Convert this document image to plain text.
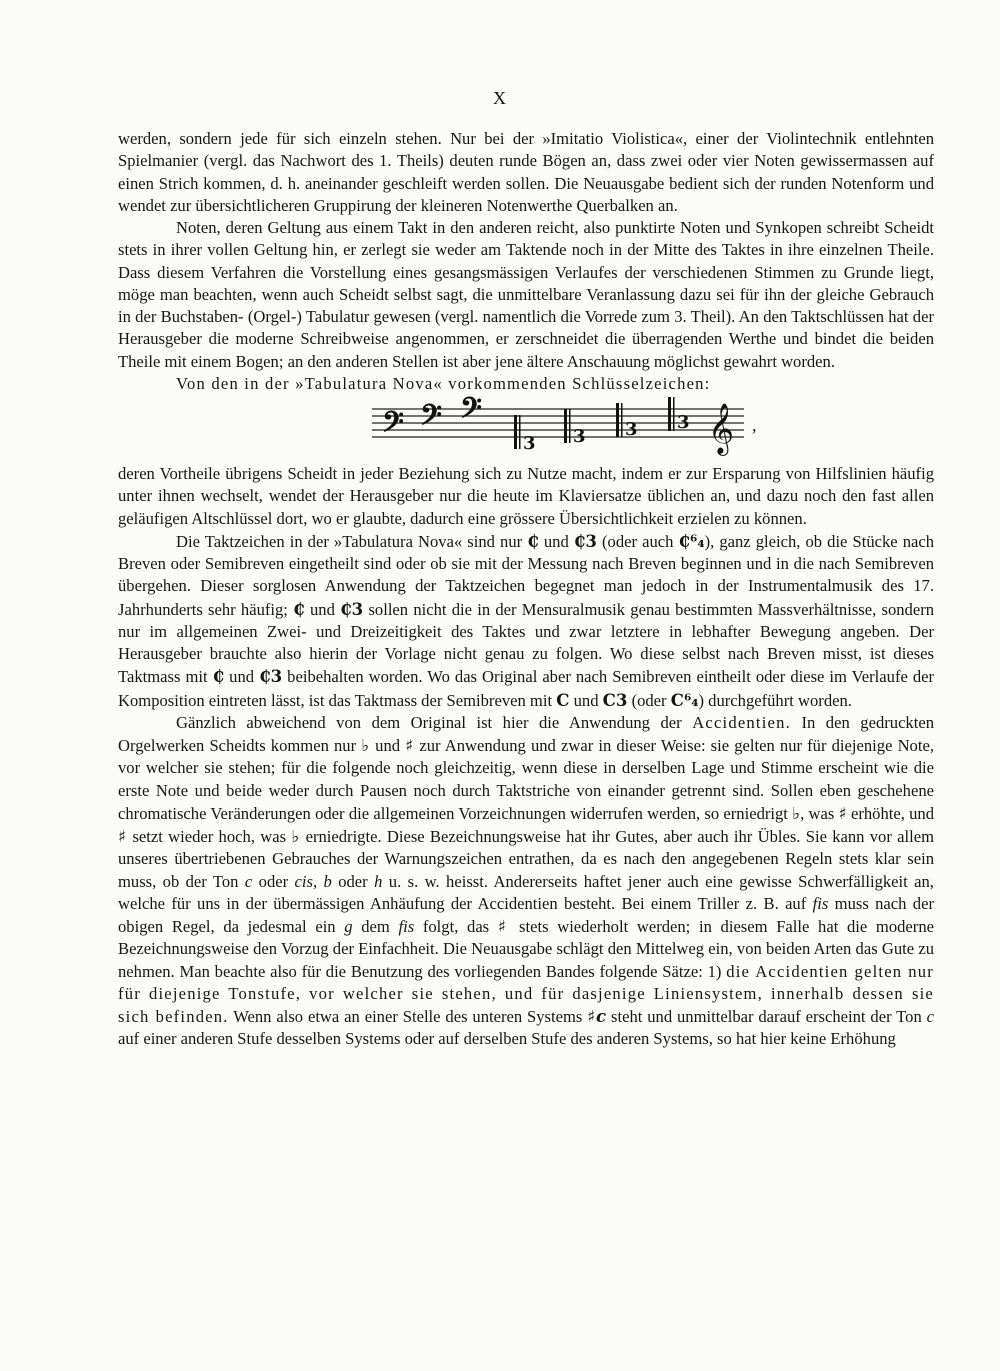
X

werden, sondern jede für sich einzeln stehen. Nur bei der »Imitatio Violistica«, einer der Violintechnik entlehnten Spielmanier (vergl. das Nachwort des 1. Theils) deuten runde Bögen an, dass zwei oder vier Noten gewissermassen auf einen Strich kommen, d. h. aneinander geschleift werden sollen. Die Neuausgabe bedient sich der runden Notenform und wendet zur übersichtlicheren Gruppirung der kleineren Notenwerthe Querbalken an.

Noten, deren Geltung aus einem Takt in den anderen reicht, also punktirte Noten und Synkopen schreibt Scheidt stets in ihrer vollen Geltung hin, er zerlegt sie weder am Taktende noch in der Mitte des Taktes in ihre einzelnen Theile. Dass diesem Verfahren die Vorstellung eines gesangsmässigen Verlaufes der verschiedenen Stimmen zu Grunde liegt, möge man beachten, wenn auch Scheidt selbst sagt, die unmittelbare Veranlassung dazu sei für ihn der gleiche Gebrauch in der Buchstaben- (Orgel-) Tabulatur gewesen (vergl. namentlich die Vorrede zum 3. Theil). An den Taktschlüssen hat der Herausgeber die moderne Schreibweise angenommen, er zerschneidet die überragenden Werthe und bindet die beiden Theile mit einem Bogen; an den anderen Stellen ist aber jene ältere Anschauung möglichst gewahrt worden.

Von den in der »Tabulatura Nova« vorkommenden Schlüsselzeichen:

𝄢 𝄢 𝄢
3 3 3 3 𝄞 ,

deren Vortheile übrigens Scheidt in jeder Beziehung sich zu Nutze macht, indem er zur Ersparung von Hilfslinien häufig unter ihnen wechselt, wendet der Herausgeber nur die heute im Klaviersatze üblichen an, und dazu noch den fast allen geläufigen Altschlüssel dort, wo er glaubte, dadurch eine grössere Übersichtlichkeit erzielen zu können.

Die Taktzeichen in der »Tabulatura Nova« sind nur ₵ und ₵3 (oder auch ₵⁶₄), ganz gleich, ob die Stücke nach Breven oder Semibreven eingetheilt sind oder ob sie mit der Messung nach Breven beginnen und in die nach Semibreven übergehen. Dieser sorglosen Anwendung der Taktzeichen begegnet man jedoch in der Instrumentalmusik des 17. Jahrhunderts sehr häufig; ₵ und ₵3 sollen nicht die in der Mensuralmusik genau bestimmten Massverhältnisse, sondern nur im allgemeinen Zwei- und Dreizeitigkeit des Taktes und zwar letztere in lebhafter Bewegung angeben. Der Herausgeber brauchte also hierin der Vorlage nicht genau zu folgen. Wo diese selbst nach Breven misst, ist dieses Taktmass mit ₵ und ₵3 beibehalten worden. Wo das Original aber nach Semibreven eintheilt oder diese im Verlaufe der Komposition eintreten lässt, ist das Taktmass der Semibreven mit C und C3 (oder C⁶₄) durchgeführt worden.

Gänzlich abweichend von dem Original ist hier die Anwendung der Accidentien. In den gedruckten Orgelwerken Scheidts kommen nur ♭ und ♯ zur Anwendung und zwar in dieser Weise: sie gelten nur für diejenige Note, vor welcher sie stehen; für die folgende noch gleichzeitig, wenn diese in derselben Lage und Stimme erscheint wie die erste Note und beide weder durch Pausen noch durch Taktstriche von einander getrennt sind. Sollen eben geschehene chromatische Veränderungen oder die allgemeinen Vorzeichnungen widerrufen werden, so erniedrigt ♭, was ♯ erhöhte, und ♯ setzt wieder hoch, was ♭ erniedrigte. Diese Bezeichnungsweise hat ihr Gutes, aber auch ihr Übles. Sie kann vor allem unseres übertriebenen Gebrauches der Warnungszeichen entrathen, da es nach den angegebenen Regeln stets klar sein muss, ob der Ton c oder cis, b oder h u. s. w. heisst. Andererseits haftet jener auch eine gewisse Schwerfälligkeit an, welche für uns in der übermässigen Anhäufung der Accidentien besteht. Bei einem Triller z. B. auf fis muss nach der obigen Regel, da jedesmal ein g dem fis folgt, das ♯ stets wiederholt werden; in diesem Falle hat die moderne Bezeichnungsweise den Vorzug der Einfachheit. Die Neuausgabe schlägt den Mittelweg ein, von beiden Arten das Gute zu nehmen. Man beachte also für die Benutzung des vorliegenden Bandes folgende Sätze: 1) die Accidentien gelten nur für diejenige Tonstufe, vor welcher sie stehen, und für dasjenige Liniensystem, innerhalb dessen sie sich befinden. Wenn also etwa an einer Stelle des unteren Systems ♯c steht und unmittelbar darauf erscheint der Ton c auf einer anderen Stufe desselben Systems oder auf derselben Stufe des anderen Systems, so hat hier keine Erhöhung
